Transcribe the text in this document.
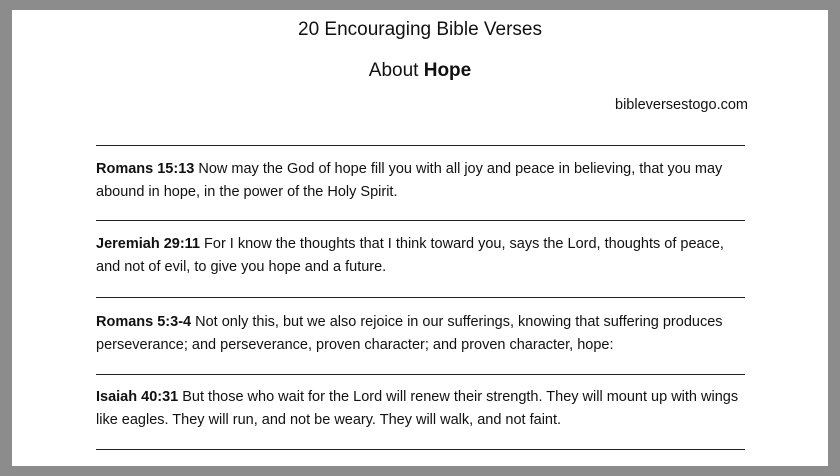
20 Encouraging Bible Verses
About Hope
bibleversestogo.com
Romans 15:13 Now may the God of hope fill you with all joy and peace in believing, that you may abound in hope, in the power of the Holy Spirit.
Jeremiah 29:11 For I know the thoughts that I think toward you, says the Lord, thoughts of peace, and not of evil, to give you hope and a future.
Romans 5:3-4 Not only this, but we also rejoice in our sufferings, knowing that suffering produces perseverance; and perseverance, proven character; and proven character, hope:
Isaiah 40:31 But those who wait for the Lord will renew their strength. They will mount up with wings like eagles. They will run, and not be weary. They will walk, and not faint.
